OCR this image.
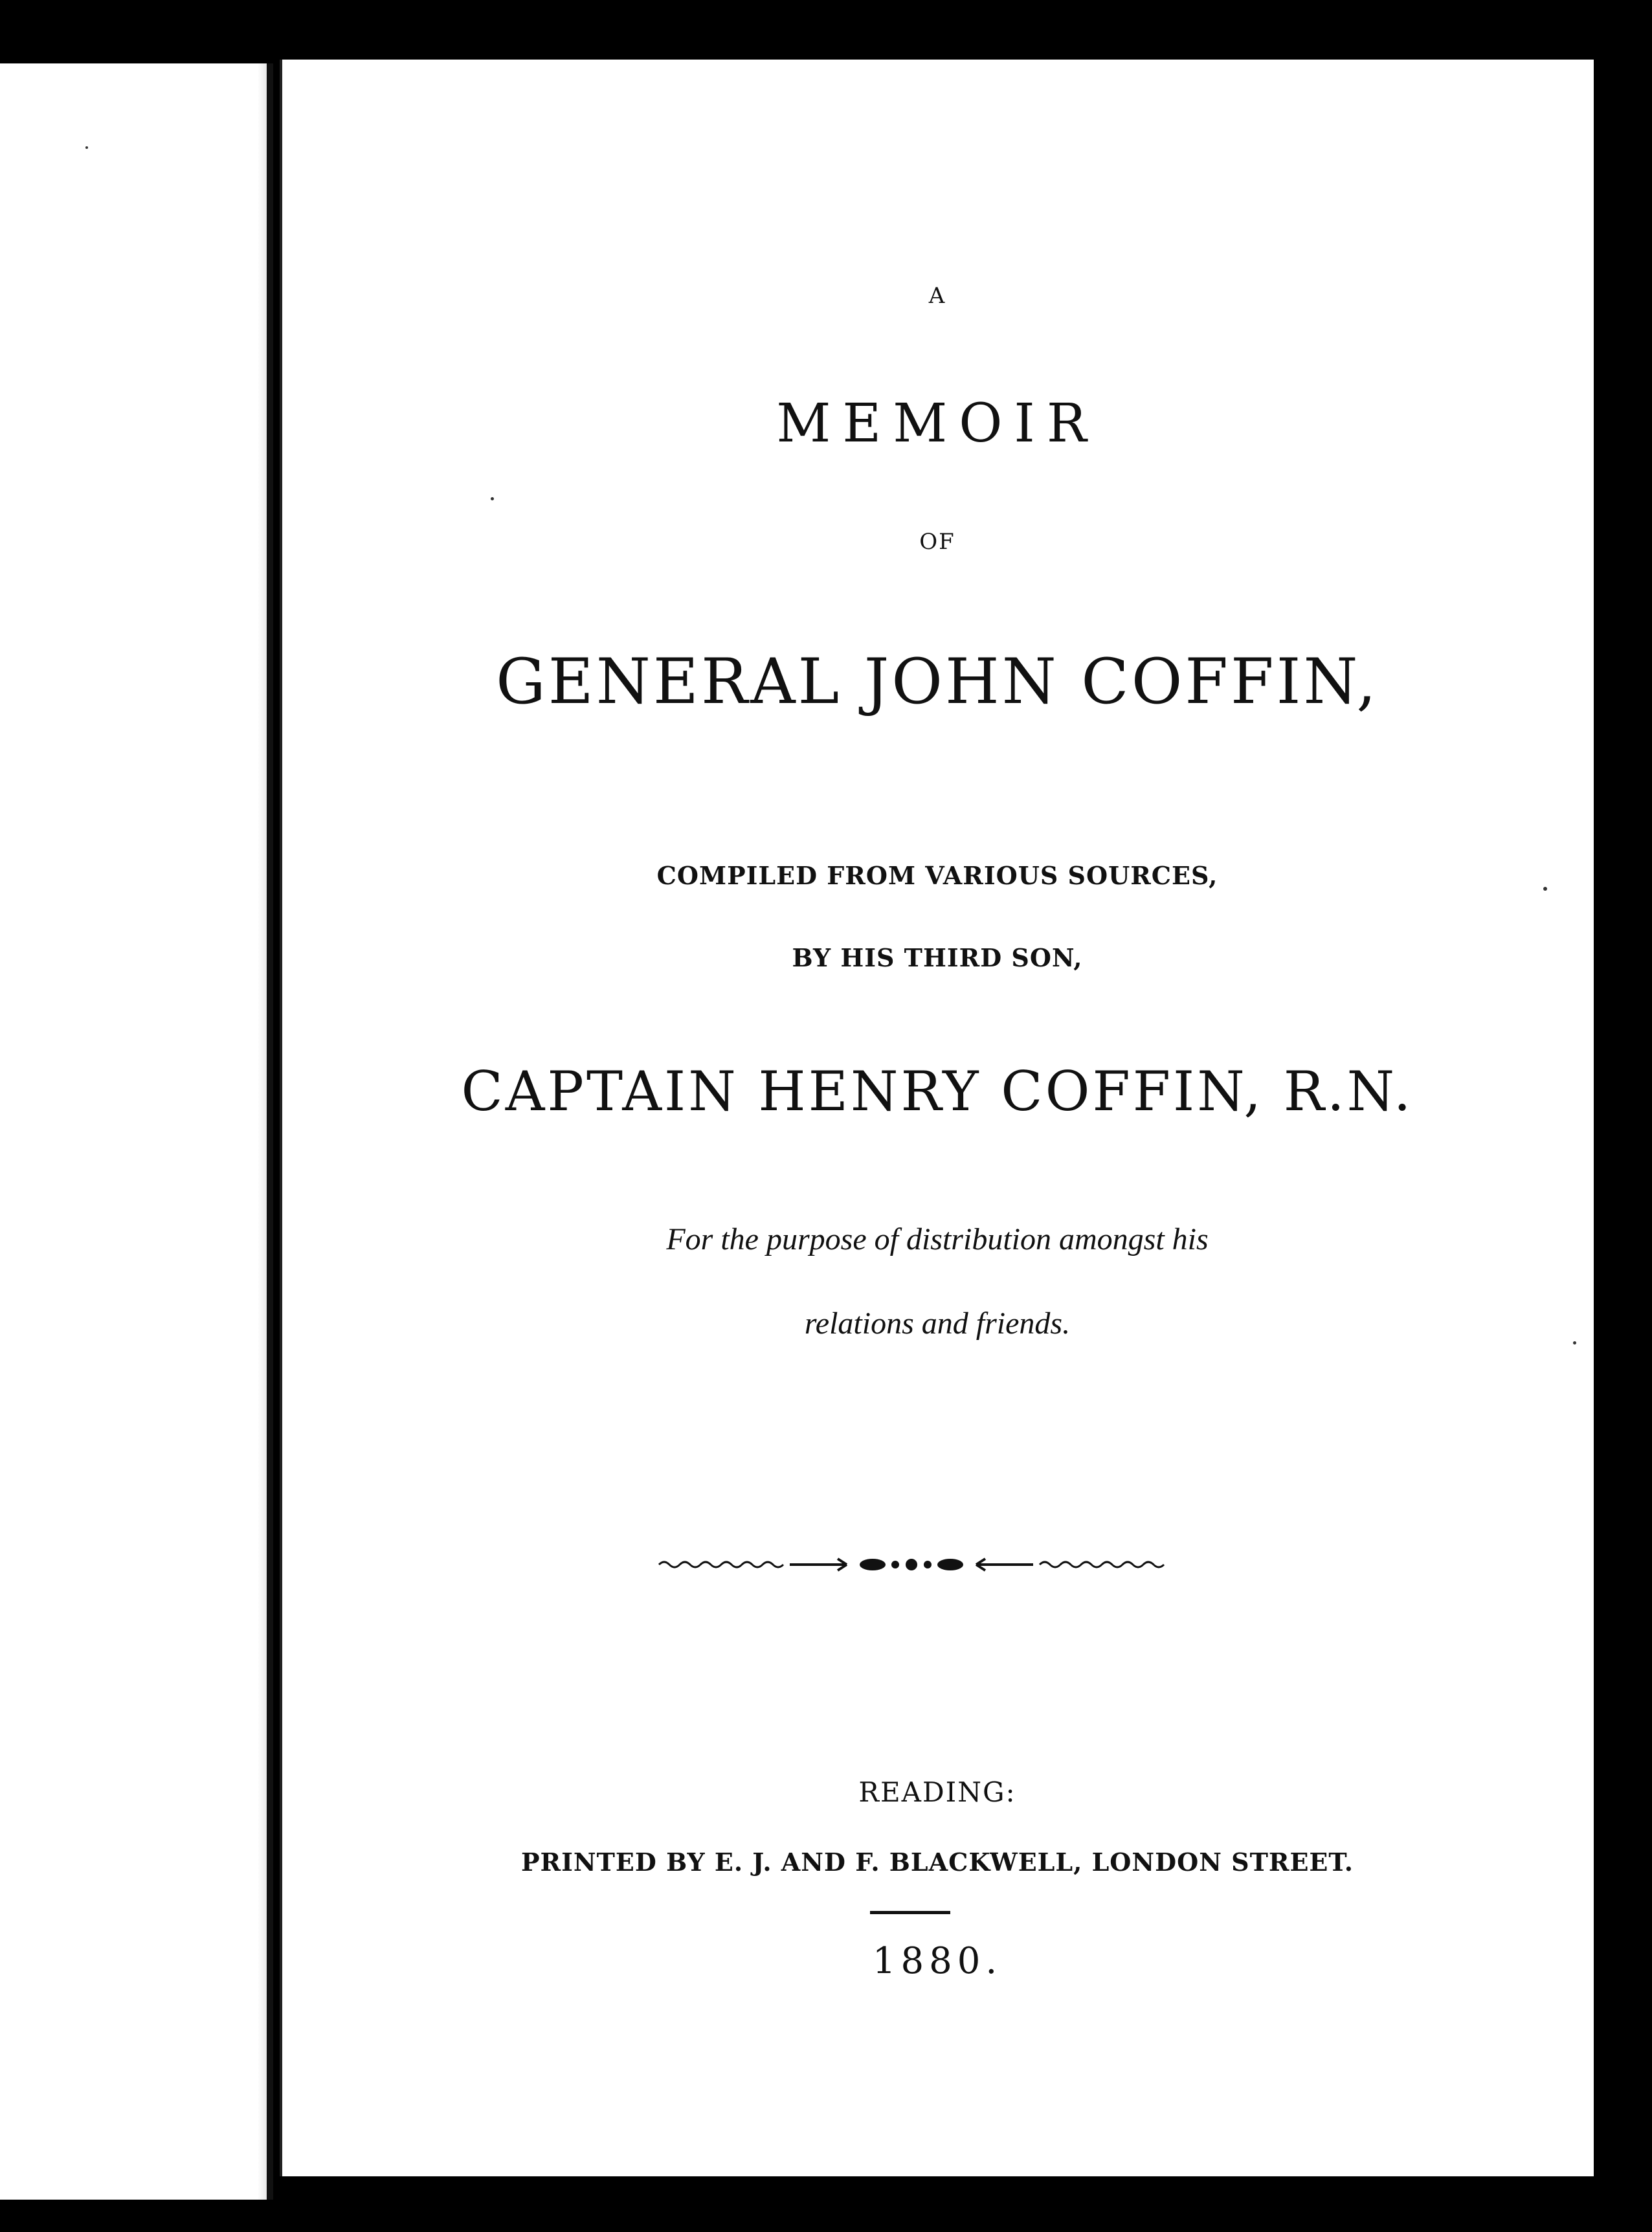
A
MEMOIR
OF
GENERAL JOHN COFFIN,
COMPILED FROM VARIOUS SOURCES,
BY HIS THIRD SON,
CAPTAIN HENRY COFFIN, R.N.
For the purpose of distribution amongst his
relations and friends.
READING:
PRINTED BY E. J. AND F. BLACKWELL, LONDON STREET.
1880.
